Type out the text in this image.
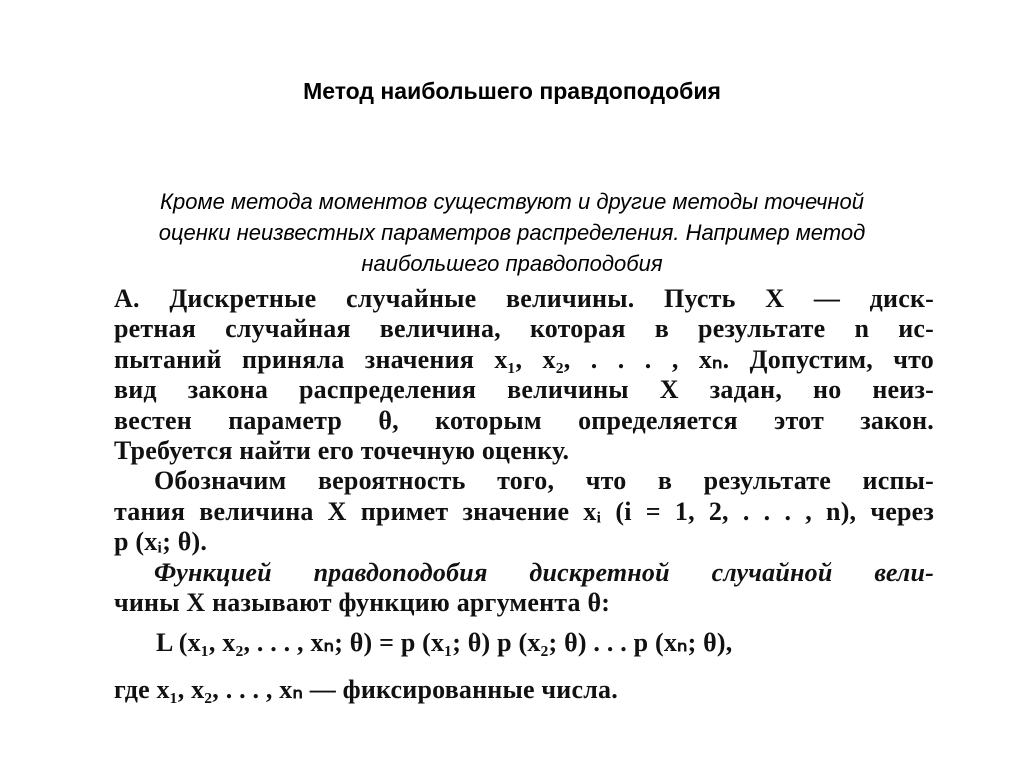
Метод наибольшего правдоподобия
Кроме метода моментов существуют и другие методы точечной
оценки неизвестных параметров распределения. Например метод
наибольшего правдоподобия
А. Дискретные случайные величины. Пусть X — диск-
ретная случайная величина, которая в результате n ис-
пытаний приняла значения x₁, x₂, . . . , xₙ. Допустим, что
вид закона распределения величины X задан, но неиз-
вестен параметр θ, которым определяется этот закон.
Требуется найти его точечную оценку.
Обозначим вероятность того, что в результате испы-
тания величина X примет значение xᵢ (i = 1, 2, . . . , n), через
p (xᵢ; θ).
Функцией правдоподобия дискретной случайной вели-
чины X называют функцию аргумента θ:
L (x₁, x₂, . . . , xₙ; θ) = p (x₁; θ) p (x₂; θ) . . . p (xₙ; θ),
где x₁, x₂, . . . , xₙ — фиксированные числа.
